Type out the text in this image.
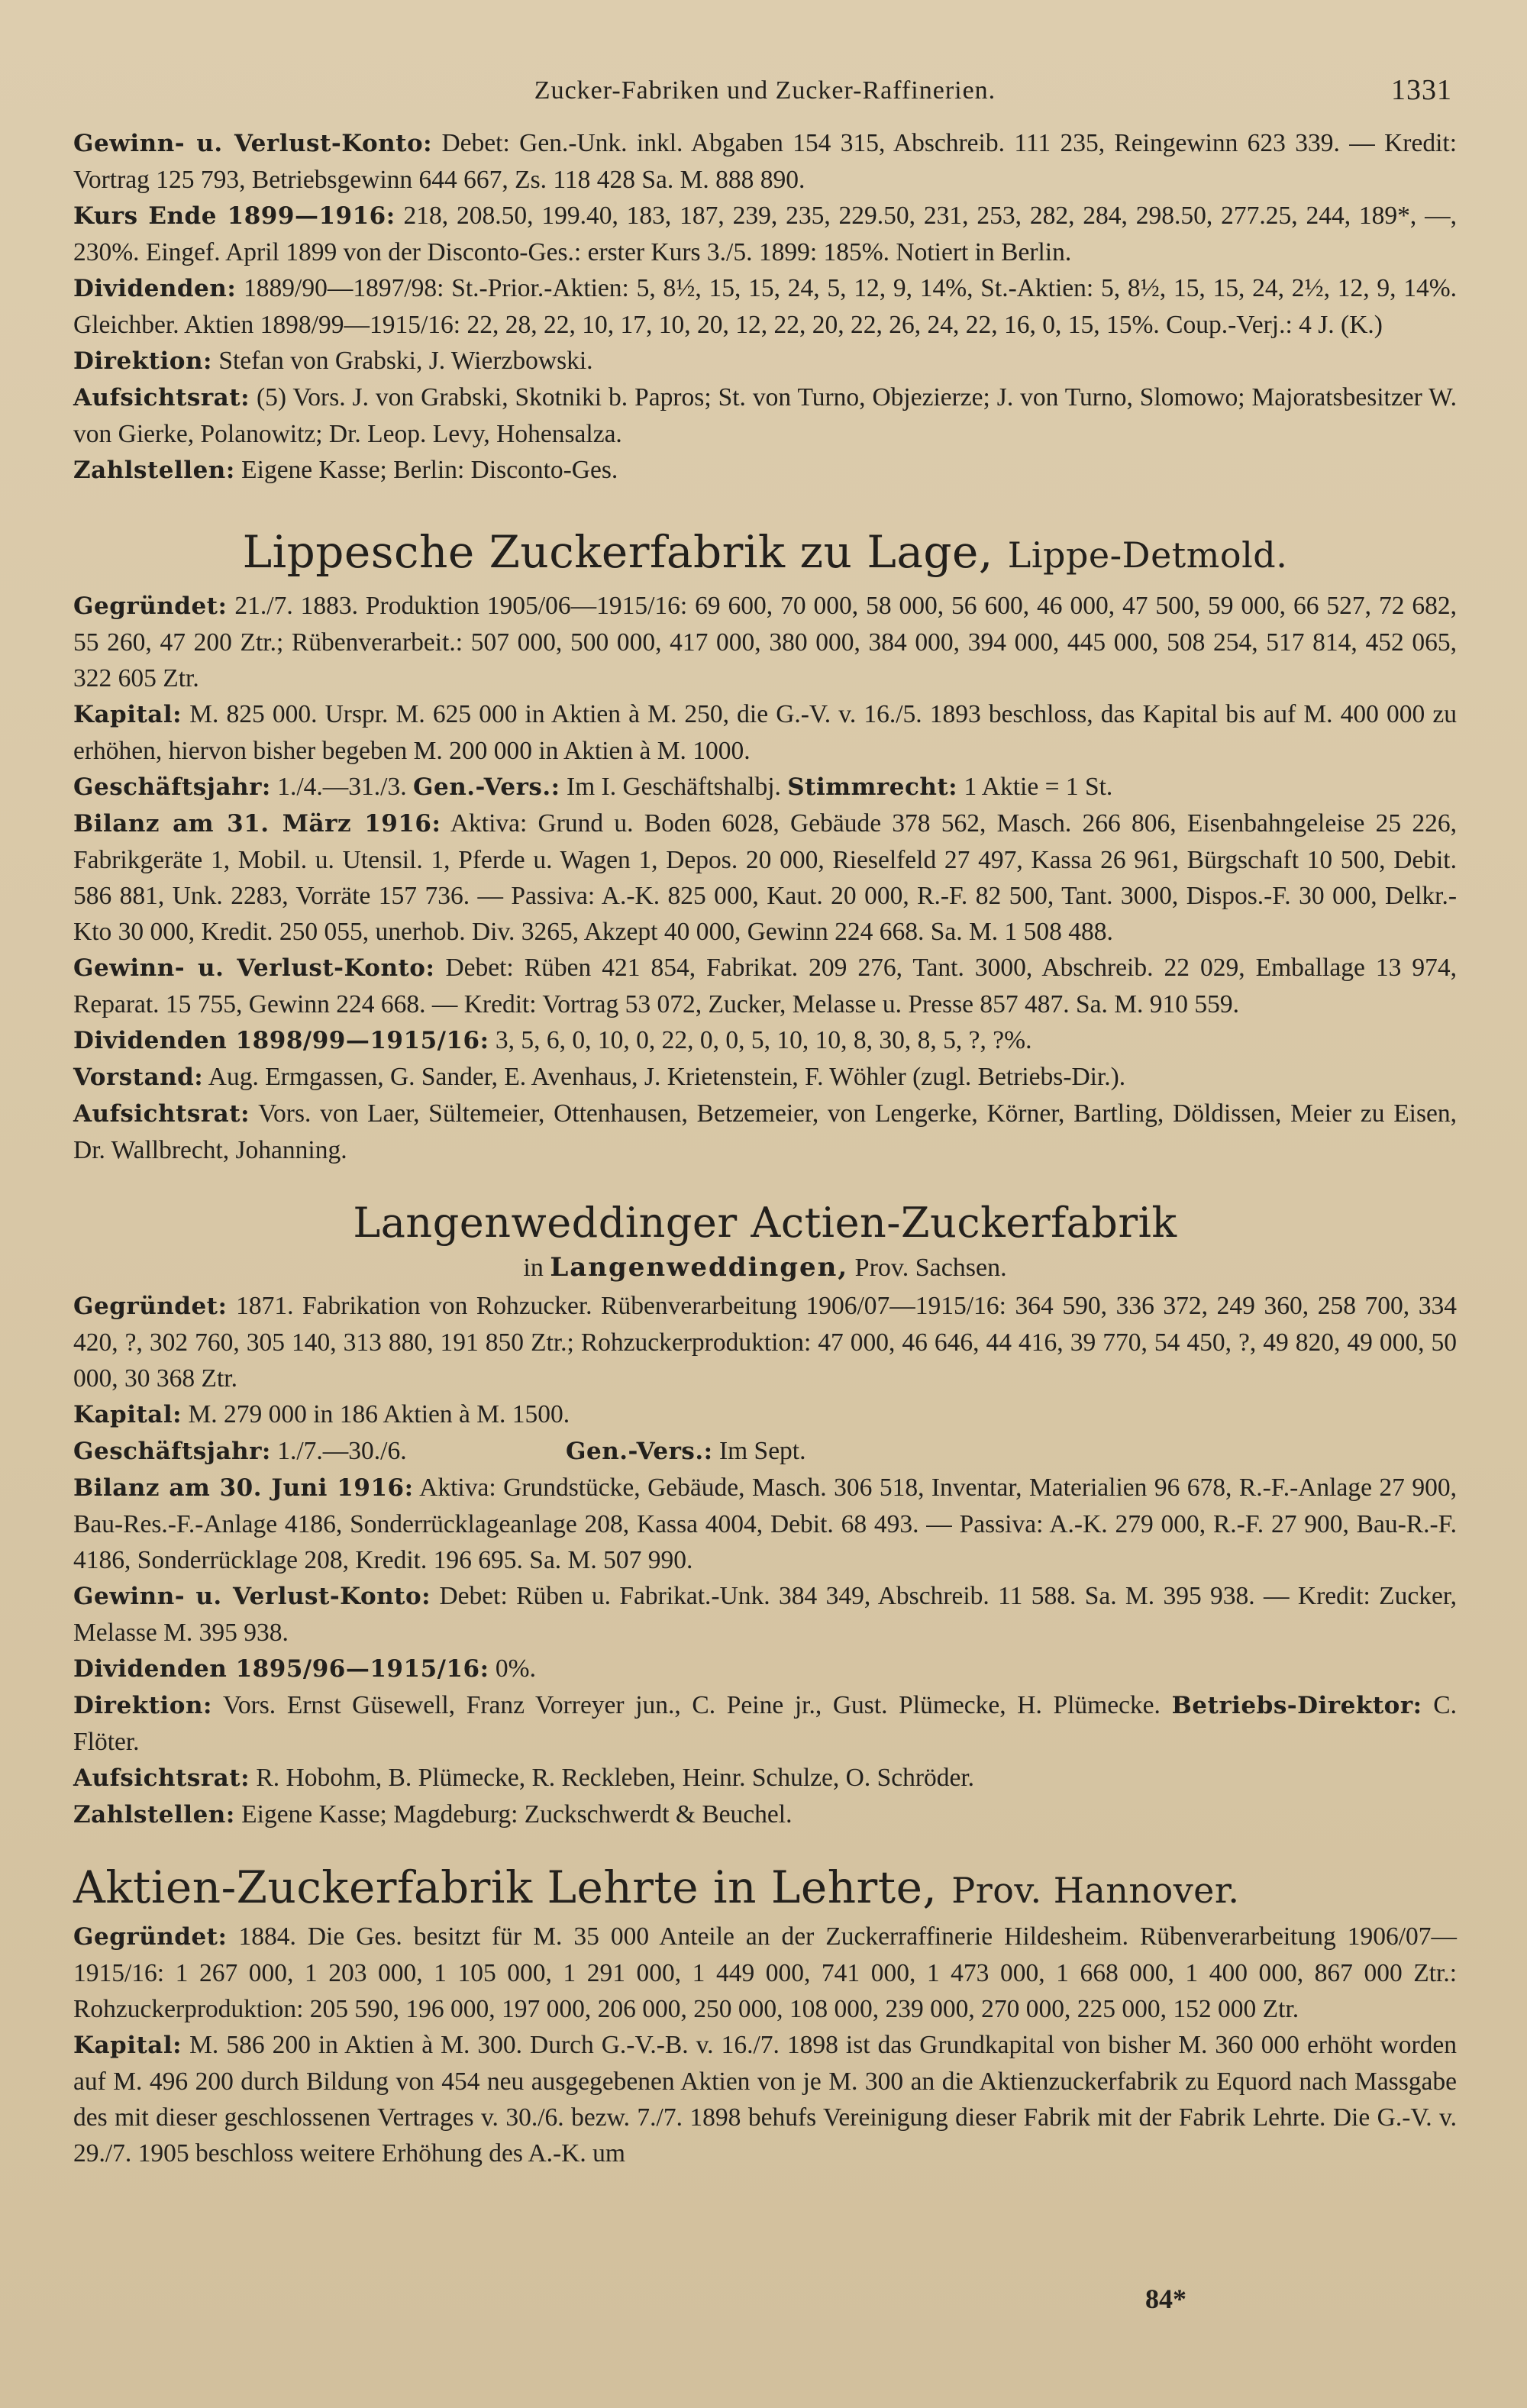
Zucker-Fabriken und Zucker-Raffinerien.	1331

Gewinn- u. Verlust-Konto: Debet: Gen.-Unk. inkl. Abgaben 154 315, Abschreib. 111 235, Reingewinn 623 339. — Kredit: Vortrag 125 793, Betriebsgewinn 644 667, Zs. 118 428 Sa. M. 888 890.

Kurs Ende 1899—1916: 218, 208.50, 199.40, 183, 187, 239, 235, 229.50, 231, 253, 282, 284, 298.50, 277.25, 244, 189*, —, 230%. Eingef. April 1899 von der Disconto-Ges.: erster Kurs 3./5. 1899: 185%. Notiert in Berlin.

Dividenden: 1889/90—1897/98: St.-Prior.-Aktien: 5, 8½, 15, 15, 24, 5, 12, 9, 14%, St.-Aktien: 5, 8½, 15, 15, 24, 2½, 12, 9, 14%. Gleichber. Aktien 1898/99—1915/16: 22, 28, 22, 10, 17, 10, 20, 12, 22, 20, 22, 26, 24, 22, 16, 0, 15, 15%. Coup.-Verj.: 4 J. (K.)

Direktion: Stefan von Grabski, J. Wierzbowski.

Aufsichtsrat: (5) Vors. J. von Grabski, Skotniki b. Papros; St. von Turno, Objezierze; J. von Turno, Slomowo; Majoratsbesitzer W. von Gierke, Polanowitz; Dr. Leop. Levy, Hohensalza.

Zahlstellen: Eigene Kasse; Berlin: Disconto-Ges.

Lippesche Zuckerfabrik zu Lage, Lippe-Detmold.

Gegründet: 21./7. 1883. Produktion 1905/06—1915/16: 69 600, 70 000, 58 000, 56 600, 46 000, 47 500, 59 000, 66 527, 72 682, 55 260, 47 200 Ztr.; Rübenverarbeit.: 507 000, 500 000, 417 000, 380 000, 384 000, 394 000, 445 000, 508 254, 517 814, 452 065, 322 605 Ztr.

Kapital: M. 825 000. Urspr. M. 625 000 in Aktien à M. 250, die G.-V. v. 16./5. 1893 beschloss, das Kapital bis auf M. 400 000 zu erhöhen, hiervon bisher begeben M. 200 000 in Aktien à M. 1000.

Geschäftsjahr: 1./4.—31./3. Gen.-Vers.: Im I. Geschäftshalbj. Stimmrecht: 1 Aktie = 1 St.

Bilanz am 31. März 1916: Aktiva: Grund u. Boden 6028, Gebäude 378 562, Masch. 266 806, Eisenbahngeleise 25 226, Fabrikgeräte 1, Mobil. u. Utensil. 1, Pferde u. Wagen 1, Depos. 20 000, Rieselfeld 27 497, Kassa 26 961, Bürgschaft 10 500, Debit. 586 881, Unk. 2283, Vorräte 157 736. — Passiva: A.-K. 825 000, Kaut. 20 000, R.-F. 82 500, Tant. 3000, Dispos.-F. 30 000, Delkr.-Kto 30 000, Kredit. 250 055, unerhob. Div. 3265, Akzept 40 000, Gewinn 224 668. Sa. M. 1 508 488.

Gewinn- u. Verlust-Konto: Debet: Rüben 421 854, Fabrikat. 209 276, Tant. 3000, Abschreib. 22 029, Emballage 13 974, Reparat. 15 755, Gewinn 224 668. — Kredit: Vortrag 53 072, Zucker, Melasse u. Presse 857 487. Sa. M. 910 559.

Dividenden 1898/99—1915/16: 3, 5, 6, 0, 10, 0, 22, 0, 0, 5, 10, 10, 8, 30, 8, 5, ?, ?%.

Vorstand: Aug. Ermgassen, G. Sander, E. Avenhaus, J. Krietenstein, F. Wöhler (zugl. Betriebs-Dir.).

Aufsichtsrat: Vors. von Laer, Sültemeier, Ottenhausen, Betzemeier, von Lengerke, Körner, Bartling, Döldissen, Meier zu Eisen, Dr. Wallbrecht, Johanning.

Langenweddinger Actien-Zuckerfabrik
in Langenweddingen, Prov. Sachsen.

Gegründet: 1871. Fabrikation von Rohzucker. Rübenverarbeitung 1906/07—1915/16: 364 590, 336 372, 249 360, 258 700, 334 420, ?, 302 760, 305 140, 313 880, 191 850 Ztr.; Rohzuckerproduktion: 47 000, 46 646, 44 416, 39 770, 54 450, ?, 49 820, 49 000, 50 000, 30 368 Ztr.

Kapital: M. 279 000 in 186 Aktien à M. 1500.

Geschäftsjahr: 1./7.—30./6.	Gen.-Vers.: Im Sept.

Bilanz am 30. Juni 1916: Aktiva: Grundstücke, Gebäude, Masch. 306 518, Inventar, Materialien 96 678, R.-F.-Anlage 27 900, Bau-Res.-F.-Anlage 4186, Sonderrücklageanlage 208, Kassa 4004, Debit. 68 493. — Passiva: A.-K. 279 000, R.-F. 27 900, Bau-R.-F. 4186, Sonderrücklage 208, Kredit. 196 695. Sa. M. 507 990.

Gewinn- u. Verlust-Konto: Debet: Rüben u. Fabrikat.-Unk. 384 349, Abschreib. 11 588. Sa. M. 395 938. — Kredit: Zucker, Melasse M. 395 938.

Dividenden 1895/96—1915/16: 0%.

Direktion: Vors. Ernst Güsewell, Franz Vorreyer jun., C. Peine jr., Gust. Plümecke, H. Plümecke. Betriebs-Direktor: C. Flöter.

Aufsichtsrat: R. Hobohm, B. Plümecke, R. Reckleben, Heinr. Schulze, O. Schröder.

Zahlstellen: Eigene Kasse; Magdeburg: Zuckschwerdt & Beuchel.

Aktien-Zuckerfabrik Lehrte in Lehrte, Prov. Hannover.

Gegründet: 1884. Die Ges. besitzt für M. 35 000 Anteile an der Zuckerraffinerie Hildesheim. Rübenverarbeitung 1906/07—1915/16: 1 267 000, 1 203 000, 1 105 000, 1 291 000, 1 449 000, 741 000, 1 473 000, 1 668 000, 1 400 000, 867 000 Ztr.: Rohzuckerproduktion: 205 590, 196 000, 197 000, 206 000, 250 000, 108 000, 239 000, 270 000, 225 000, 152 000 Ztr.

Kapital: M. 586 200 in Aktien à M. 300. Durch G.-V.-B. v. 16./7. 1898 ist das Grundkapital von bisher M. 360 000 erhöht worden auf M. 496 200 durch Bildung von 454 neu ausgegebenen Aktien von je M. 300 an die Aktienzuckerfabrik zu Equord nach Massgabe des mit dieser geschlossenen Vertrages v. 30./6. bezw. 7./7. 1898 behufs Vereinigung dieser Fabrik mit der Fabrik Lehrte. Die G.-V. v. 29./7. 1905 beschloss weitere Erhöhung des A.-K. um

84*
